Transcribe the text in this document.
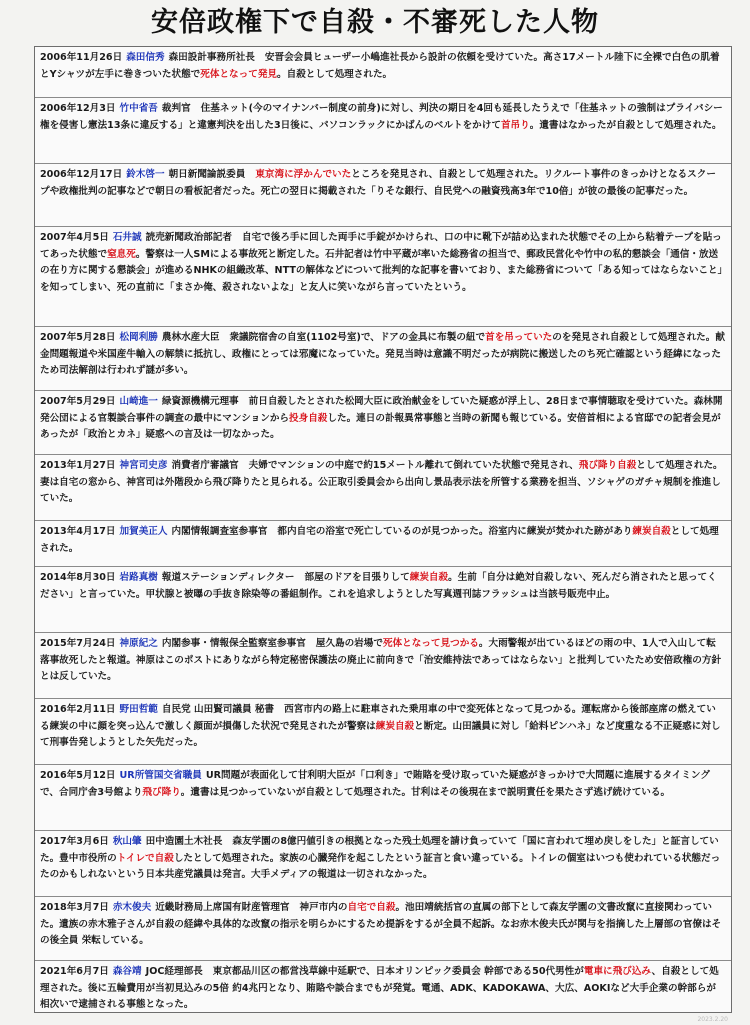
安倍政権下で自殺・不審死した人物
2006年11月26日 森田信秀 森田設計事務所社長 安晋会会員ヒューザー小嶋進社長から設計の依頼を受けていた。高さ17メートル陸下に全裸で白色の肌着とYシャツが左手に巻きついた状態で死体となって発見。自殺として処理された。
2006年12月3日 竹中省吾 裁判官 住基ネット(今のマイナンバー制度の前身)に対し、判決の期日を4回も延長したうえで「住基ネットの強制はプライバシー権を侵害し憲法13条に違反する」と違憲判決を出した3日後に、パソコンラックにかばんのベルトをかけて首吊り。遺書はなかったが自殺として処理された。
2006年12月17日 鈴木啓一 朝日新聞論説委員 東京湾に浮かんでいたところを発見され、自殺として処理された。リクルート事件のきっかけとなるスクープや政権批判の記事などで朝日の看板記者だった。死亡の翌日に掲載された「りそな銀行、自民党への融資残高3年で10倍」が彼の最後の記事だった。
2007年4月5日 石井誠 読売新聞政治部記者 自宅で後ろ手に回した両手に手錠がかけられ、口の中に靴下が詰め込まれた状態でその上から粘着テープを貼ってあった状態で窒息死。警察は一人SMによる事故死と断定した。石井記者は竹中平蔵が率いた総務省の担当で、郵政民営化や竹中の私的懇談会「通信・放送の在り方に関する懇談会」が進めるNHKの組織改革、NTTの解体などについて批判的な記事を書いており、また総務省について「ある知ってはならないこと」を知ってしまい、死の直前に「まさか俺、殺されないよな」と友人に笑いながら言っていたという。
2007年5月28日 松岡利勝 農林水産大臣 衆議院宿舎の自室(1102号室)で、ドアの金具に布製の紐で首を吊っていたのを発見され自殺として処理された。献金問題報道や米国産牛輸入の解禁に抵抗し、政権にとっては邪魔になっていた。発見当時は意識不明だったが病院に搬送したのち死亡確認という経緯になったため司法解剖は行われず謎が多い。
2007年5月29日 山崎進一 緑資源機構元理事 前日自殺したとされた松岡大臣に政治献金をしていた疑惑が浮上し、28日まで事情聴取を受けていた。森林開発公団による官製談合事件の調査の最中にマンションから投身自殺した。連日の訃報異常事態と当時の新聞も報じている。安倍首相による官邸での記者会見があったが「政治とカネ」疑惑への言及は一切なかった。
2013年1月27日 神宮司史彦 消費者庁審議官 夫婦でマンションの中庭で約15メートル離れて倒れていた状態で発見され、飛び降り自殺として処理された。妻は自宅の窓から、神宮司は外階段から飛び降りたと見られる。公正取引委員会から出向し景品表示法を所管する業務を担当、ソシャゲのガチャ規制を推進していた。
2013年4月17日 加賀美正人 内閣情報調査室参事官 都内自宅の浴室で死亡しているのが見つかった。浴室内に練炭が焚かれた跡があり練炭自殺として処理された。
2014年8月30日 岩路真樹 報道ステーションディレクター 部屋のドアを目張りして練炭自殺。生前「自分は絶対自殺しない、死んだら消されたと思ってください」と言っていた。甲状腺と被曝の手抜き除染等の番組制作。これを追求しようとした写真週刊誌フラッシュは当該号販売中止。
2015年7月24日 神原紀之 内閣参事・情報保全監察室参事官 屋久島の岩場で死体となって見つかる。大雨警報が出ているほどの雨の中、1人で入山して転落事故死したと報道。神原はこのポストにありながら特定秘密保護法の廃止に前向きで「治安維持法であってはならない」と批判していたため安倍政権の方針とは反していた。
2016年2月11日 野田哲範 自民党 山田賢司議員 秘書 西宮市内の路上に駐車された乗用車の中で変死体となって見つかる。運転席から後部座席の燃えている練炭の中に顔を突っ込んで激しく顔面が損傷した状況で発見されたが警察は練炭自殺と断定。山田議員に対し「給料ピンハネ」など度重なる不正疑惑に対して刑事告発しようとした矢先だった。
2016年5月12日 UR所管国交省職員 UR問題が表面化して甘利明大臣が「口利き」で賄賂を受け取っていた疑惑がきっかけで大問題に進展するタイミングで、合同庁舎3号館より飛び降り。遺書は見つかっていないが自殺として処理された。甘利はその後現在まで説明責任を果たさず逃げ続けている。
2017年3月6日 秋山肇 田中造園土木社長 森友学園の8億円値引きの根拠となった残土処理を請け負っていて「国に言われて埋め戻しをした」と証言していた。豊中市役所のトイレで自殺したとして処理された。家族の心臓発作を起こしたという証言と食い違っている。トイレの個室はいつも使われている状態だったのかもしれないという日本共産党議員は発言。大手メディアの報道は一切されなかった。
2018年3月7日 赤木俊夫 近畿財務局上席国有財産管理官 神戸市内の自宅で自殺。池田靖統括官の直属の部下として森友学園の文書改竄に直接関わっていた。遺族の赤木雅子さんが自殺の経緯や具体的な改竄の指示を明らかにするため提訴をするが全員不起訴。なお赤木俊夫氏が関与を指摘した上層部の官僚はその後全員 栄転している。
2021年6月7日 森谷靖 JOC経理部長 東京都品川区の都営浅草線中延駅で、日本オリンピック委員会 幹部である50代男性が電車に飛び込み、自殺として処理された。後に五輪費用が当初見込みの5倍 約4兆円となり、賄賂や談合までもが発覚。電通、ADK、KADOKAWA、大広、AOKIなど大手企業の幹部らが相次いで逮捕される事態となった。
2023.2.20
